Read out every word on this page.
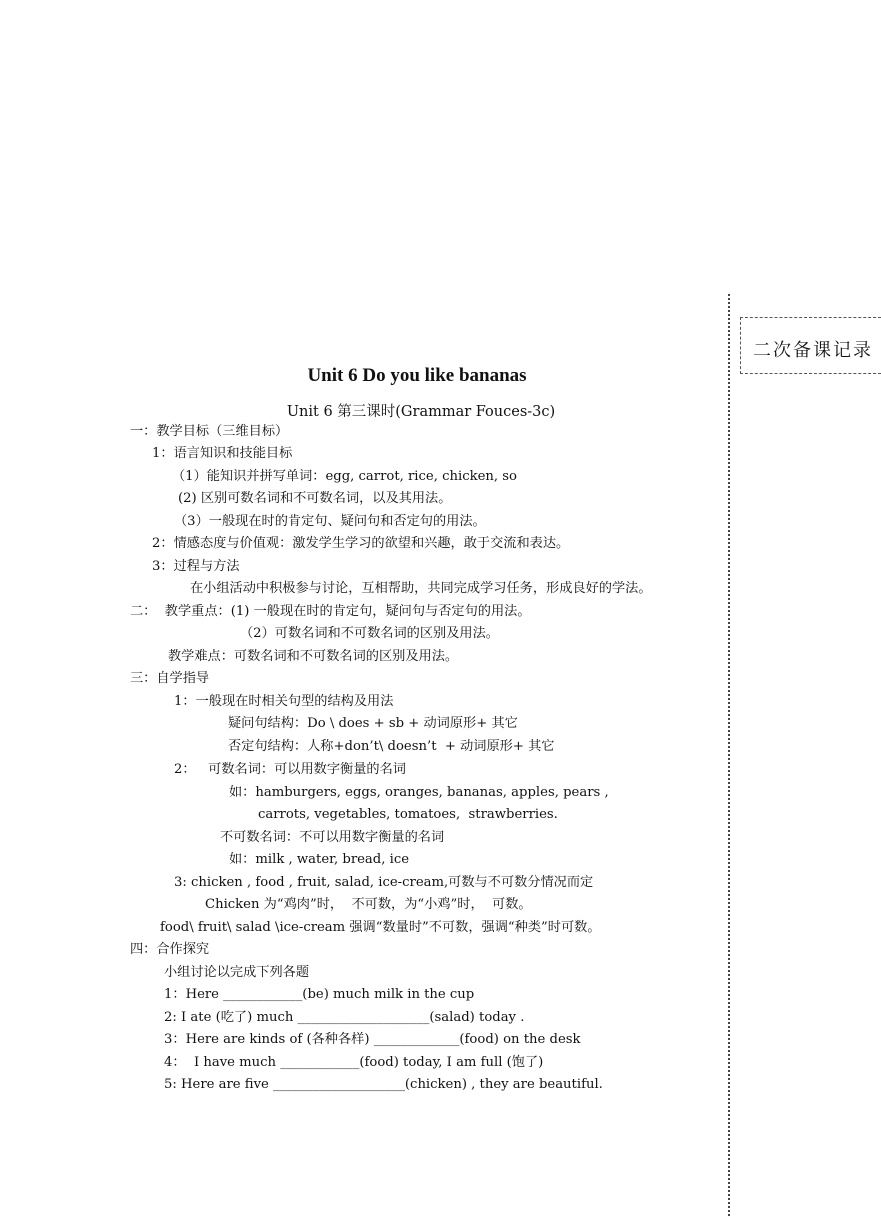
二次备课记录
Unit 6 Do you like bananas
Unit 6 第三课时(Grammar Fouces-3c)
一：教学目标（三维目标）
1：语言知识和技能目标
（1）能知识并拼写单词：egg, carrot, rice, chicken, so
(2) 区别可数名词和不可数名词，以及其用法。
（3）一般现在时的肯定句、疑问句和否定句的用法。
2：情感态度与价值观：激发学生学习的欲望和兴趣，敢于交流和表达。
3：过程与方法
在小组活动中积极参与讨论，互相帮助，共同完成学习任务，形成良好的学法。
二：  教学重点：(1) 一般现在时的肯定句，疑问句与否定句的用法。
（2）可数名词和不可数名词的区别及用法。
教学难点：可数名词和不可数名词的区别及用法。
三：自学指导
1：一般现在时相关句型的结构及用法
疑问句结构：Do \ does + sb + 动词原形+ 其它
否定句结构：人称+don’t\ doesn’t  + 动词原形+ 其它
2：   可数名词：可以用数字衡量的名词
如：hamburgers, eggs, oranges, bananas, apples, pears ,
carrots, vegetables, tomatoes,  strawberries.
不可数名词：不可以用数字衡量的名词
如：milk , water, bread, ice
3: chicken , food , fruit, salad, ice-cream,可数与不可数分情况而定
Chicken 为“鸡肉”时，  不可数，为“小鸡”时，  可数。
food\ fruit\ salad \ice-cream 强调“数量时”不可数，强调“种类”时可数。
四：合作探究
小组讨论以完成下列各题
1：Here ____________(be) much milk in the cup
2: I ate (吃了) much ____________________(salad) today .
3：Here are kinds of (各种各样) _____________(food) on the desk
4：  I have much ____________(food) today, I am full (饱了)
5: Here are five ____________________(chicken) , they are beautiful.
